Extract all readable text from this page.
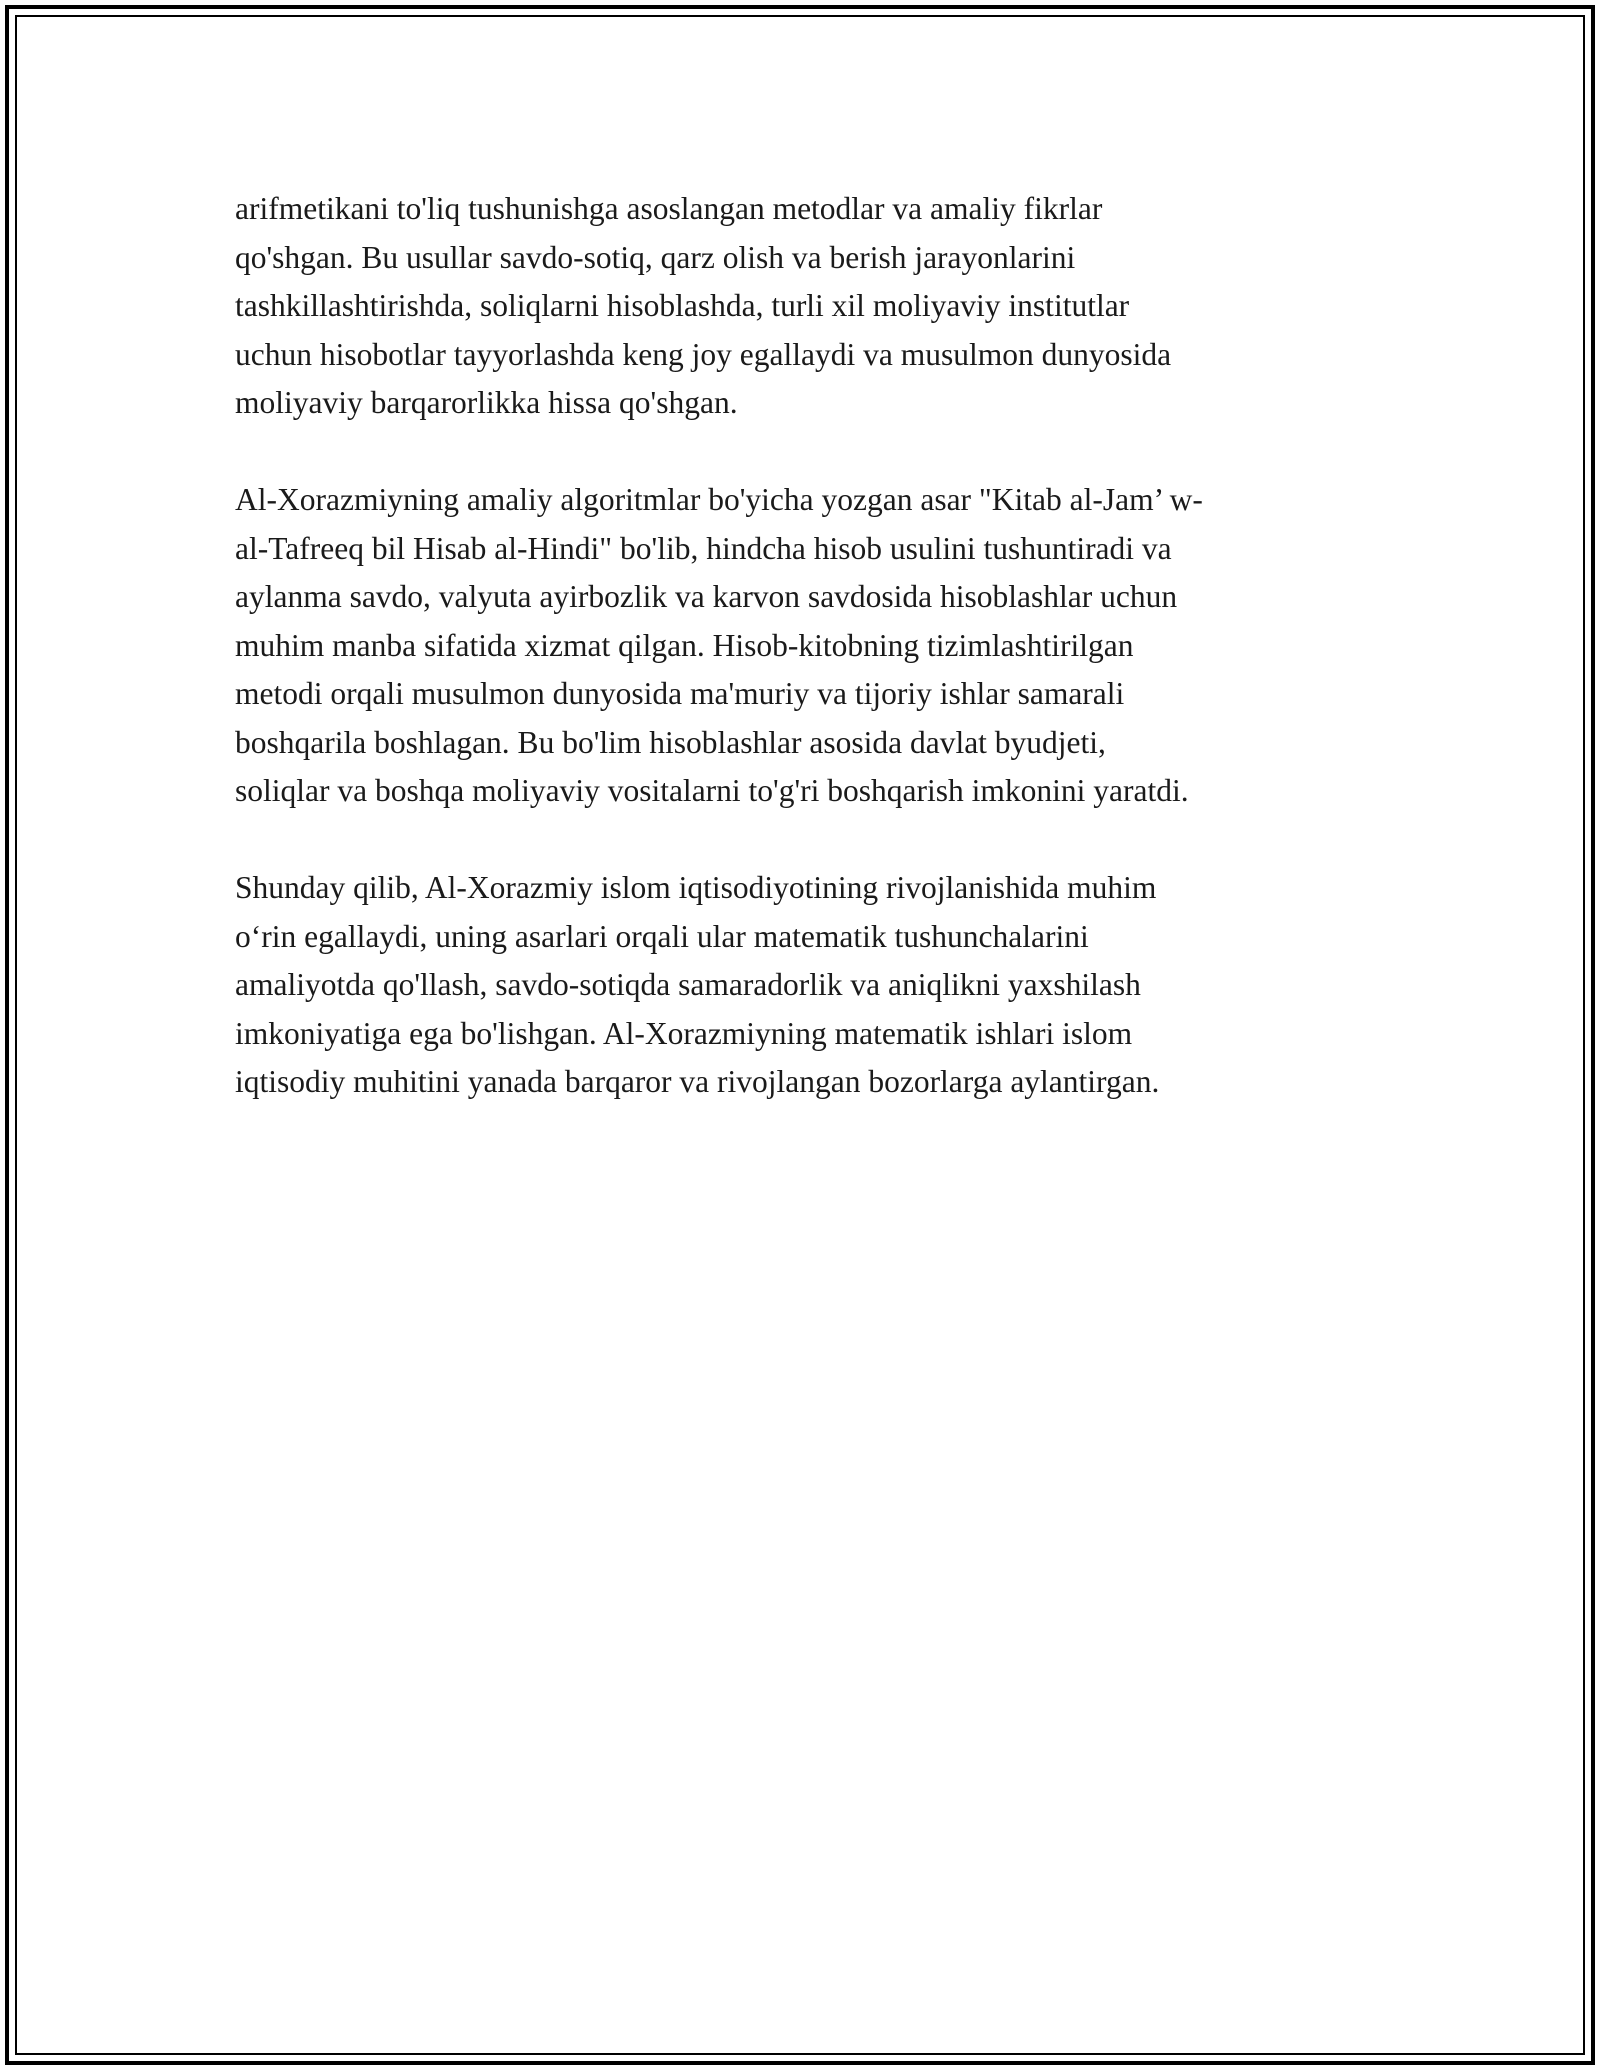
arifmetikani to'liq tushunishga asoslangan metodlar va amaliy fikrlar
qo'shgan. Bu usullar savdo-sotiq, qarz olish va berish jarayonlarini
tashkillashtirishda, soliqlarni hisoblashda, turli xil moliyaviy institutlar
uchun hisobotlar tayyorlashda keng joy egallaydi va musulmon dunyosida
moliyaviy barqarorlikka hissa qo'shgan.

Al-Xorazmiyning amaliy algoritmlar bo'yicha yozgan asar "Kitab al-Jam’ w-
al-Tafreeq bil Hisab al-Hindi" bo'lib, hindcha hisob usulini tushuntiradi va
aylanma savdo, valyuta ayirbozlik va karvon savdosida hisoblashlar uchun
muhim manba sifatida xizmat qilgan. Hisob-kitobning tizimlashtirilgan
metodi orqali musulmon dunyosida ma'muriy va tijoriy ishlar samarali
boshqarila boshlagan. Bu bo'lim hisoblashlar asosida davlat byudjeti,
soliqlar va boshqa moliyaviy vositalarni to'g'ri boshqarish imkonini yaratdi.

Shunday qilib, Al-Xorazmiy islom iqtisodiyotining rivojlanishida muhim
o‘rin egallaydi, uning asarlari orqali ular matematik tushunchalarini
amaliyotda qo'llash, savdo-sotiqda samaradorlik va aniqlikni yaxshilash
imkoniyatiga ega bo'lishgan. Al-Xorazmiyning matematik ishlari islom
iqtisodiy muhitini yanada barqaror va rivojlangan bozorlarga aylantirgan.
